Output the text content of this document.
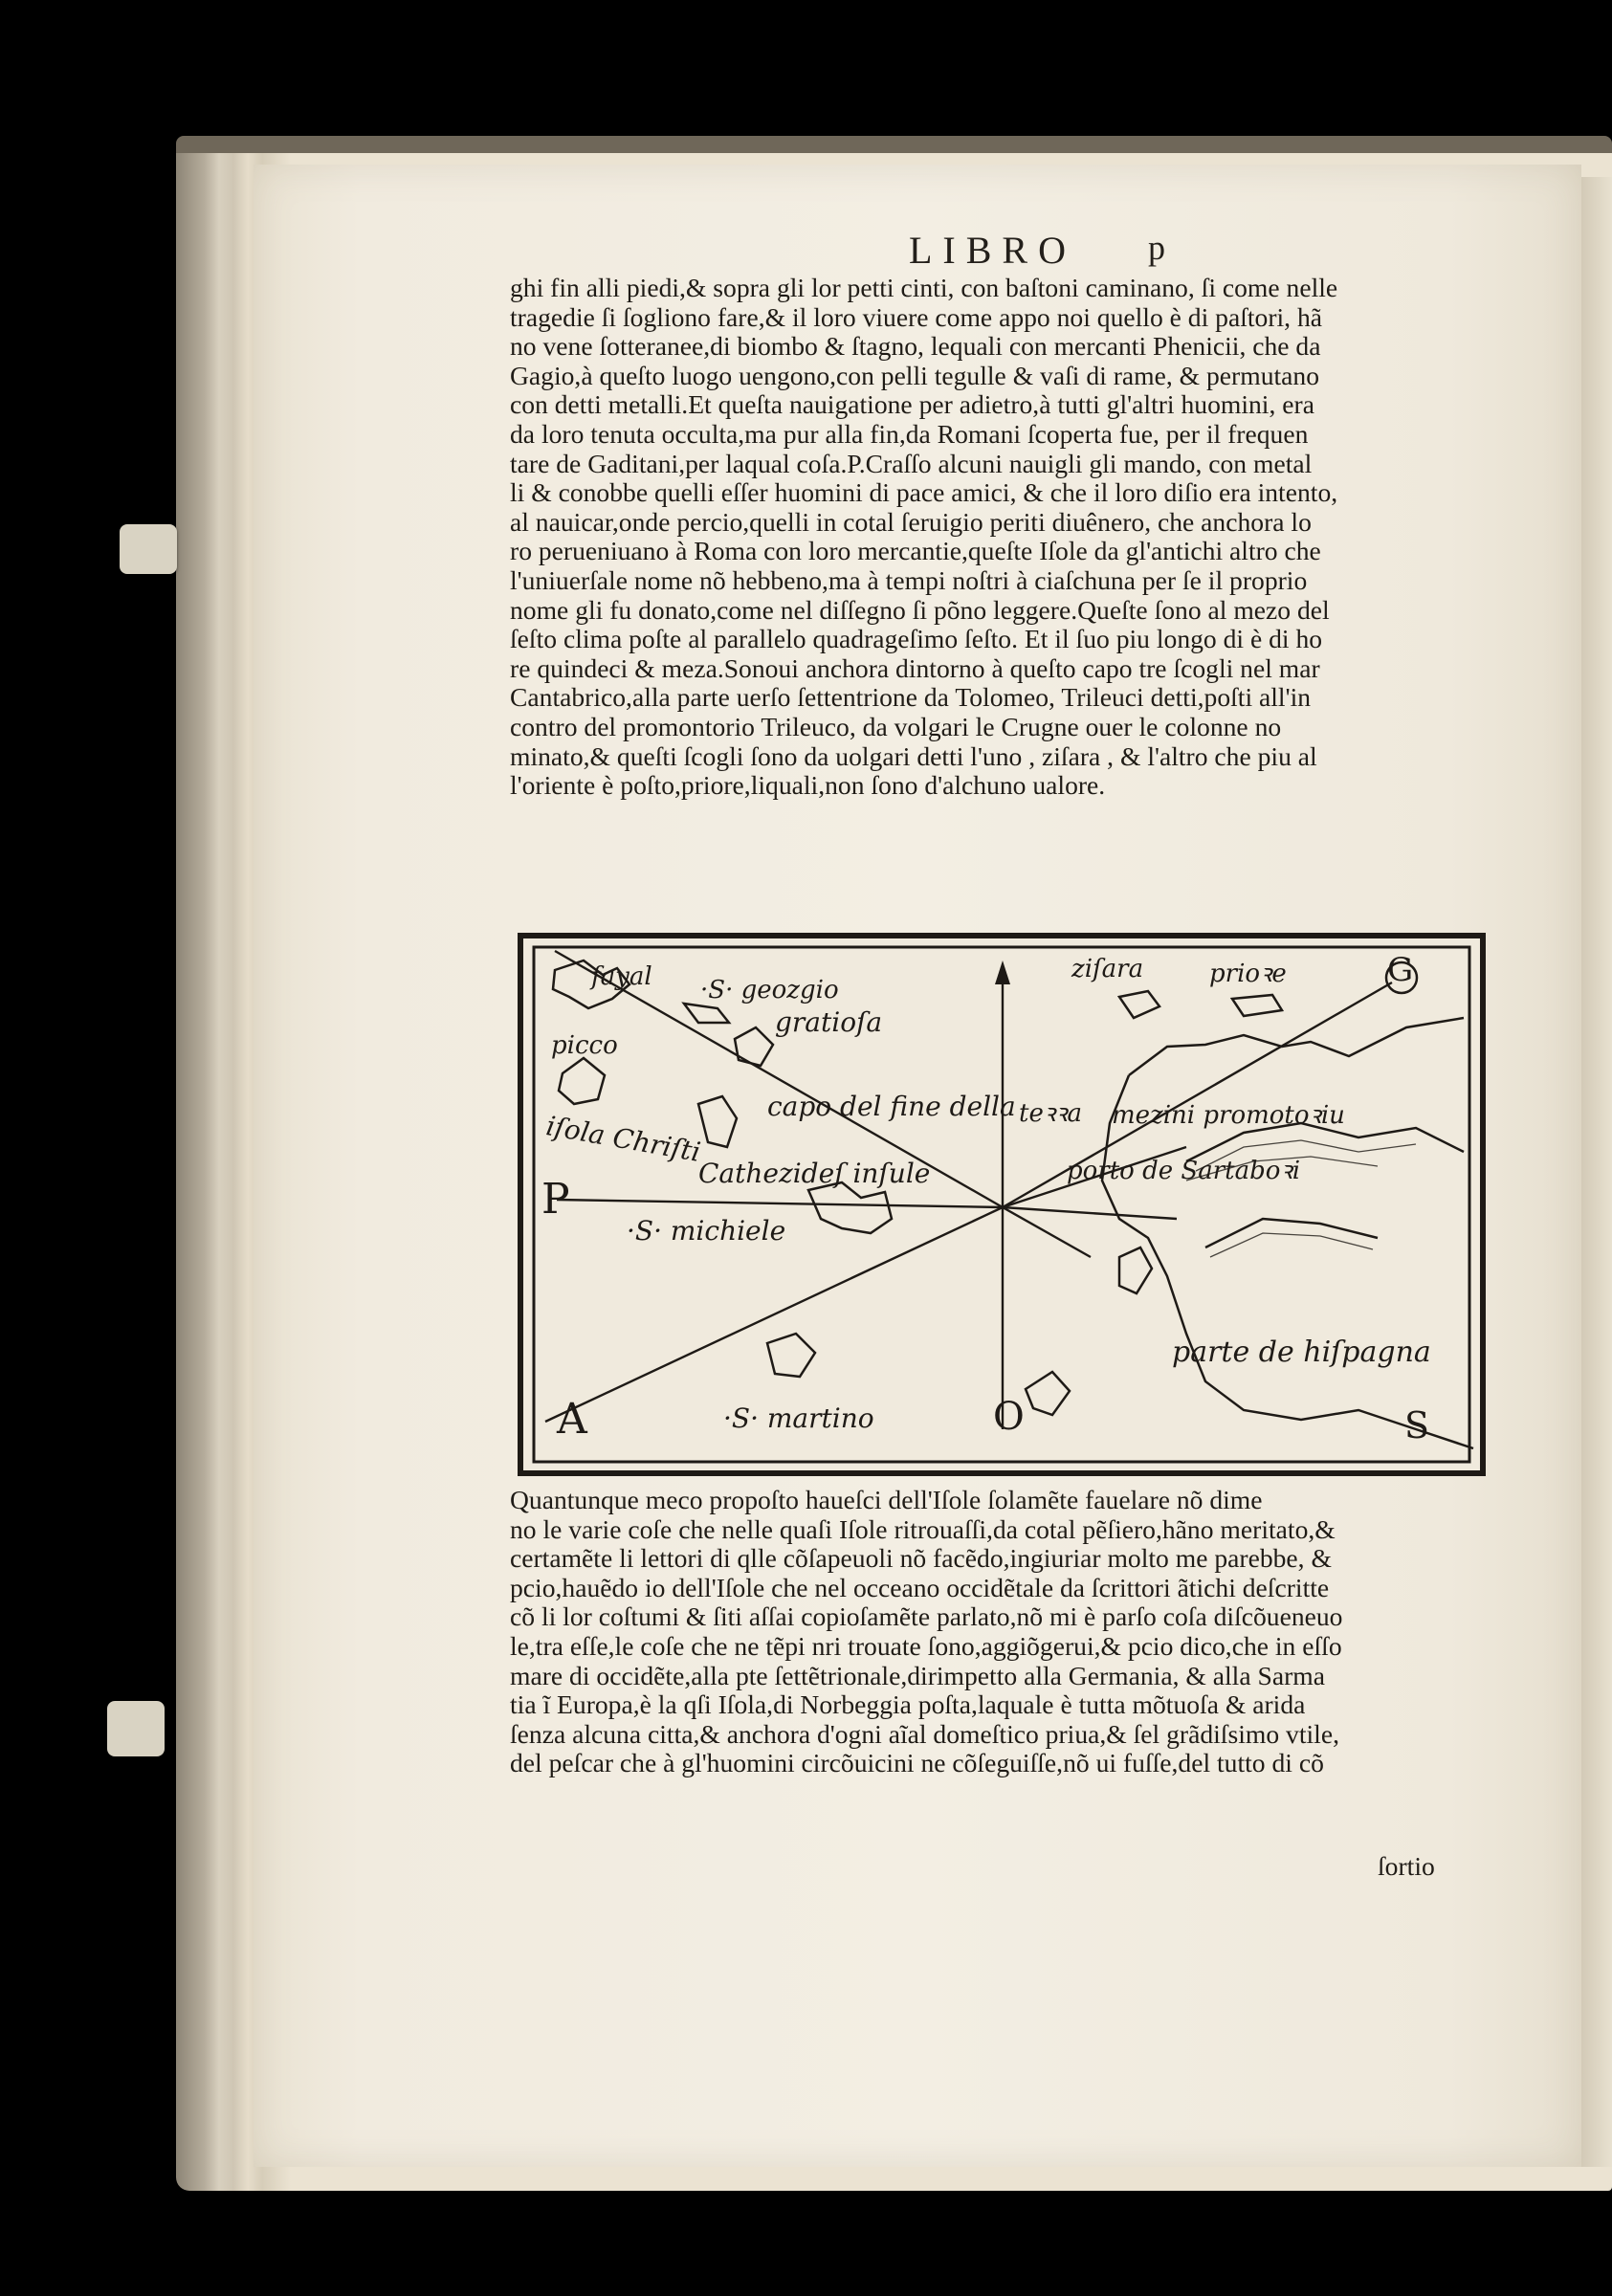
LIBRO	p
ghi fin alli piedi,& sopra gli lor petti cinti, con baſtoni caminano, ſi come nelle
tragedie ſi ſogliono fare,& il loro viuere come appo noi quello è di paſtori, hã
no vene ſotteranee,di biombo & ſtagno, lequali con mercanti Phenicii, che da
Gagio,à queſto luogo uengono,con pelli tegulle & vaſi di rame, & permutano
con detti metalli.Et queſta nauigatione per adietro,à tutti gl'altri huomini, era
da loro tenuta occulta,ma pur alla fin,da Romani ſcoperta fue, per il frequen
tare de Gaditani,per laqual coſa.P.Craſſo alcuni nauigli gli mando, con metal
li & conobbe quelli eſſer huomini di pace amici, & che il loro diſio era intento,
al nauicar,onde percio,quelli in cotal ſeruigio periti diuênero, che anchora lo
ro perueniuano à Roma con loro mercantie,queſte Iſole da gl'antichi altro che
l'uniuerſale nome nõ hebbeno,ma à tempi noſtri à ciaſchuna per ſe il proprio
nome gli fu donato,come nel diſſegno ſi põno leggere.Queſte ſono al mezo del
ſeſto clima poſte al parallelo quadrageſimo ſeſto. Et il ſuo piu longo di è di ho
re quindeci & meza.Sonoui anchora dintorno à queſto capo tre ſcogli nel mar
Cantabrico,alla parte uerſo ſettentrione da Tolomeo, Trileuci detti,poſti all'in
contro del promontorio Trileuco, da volgari le Crugne ouer le colonne no
minato,& queſti ſcogli ſono da uolgari detti l'uno , ziſara , & l'altro che piu al
l'oriente è poſto,priore,liquali,non ſono d'alchuno ualore.
fayal ·S· geozgio
gratioſa
picco
capo del fine della teꝛꝛa
iſola Chriſti
Cathezideſ inſule
·S· michiele
·S· martino
ziſara	prioꝛe
mezini promotoꝛiu
porto de Sartaboꝛi
parte de hiſpagna
P
A	O	S
G
Quantunque meco propoſto haueſci dell'Iſole ſolamẽte fauelare nõ dime
no le varie coſe che nelle quaſi Iſole ritrouaſſi,da cotal pẽſiero,hãno meritato,&
certamẽte li lettori di qlle cõſapeuoli nõ facẽdo,ingiuriar molto me parebbe, &
pcio,hauẽdo io dell'Iſole che nel occeano occidẽtale da ſcrittori ãtichi deſcritte
cõ li lor coſtumi & ſiti aſſai copioſamẽte parlato,nõ mi è parſo coſa diſcõueneuo
le,tra eſſe,le coſe che ne tẽpi nri trouate ſono,aggiõgerui,& pcio dico,che in eſſo
mare di occidẽte,alla pte ſettẽtrionale,dirimpetto alla Germania, & alla Sarma
tia ĩ Europa,è la qſi Iſola,di Norbeggia poſta,laquale è tutta mõtuoſa & arida
ſenza alcuna citta,& anchora d'ogni aĩal domeſtico priua,& ſel grãdiſsimo vtile,
del peſcar che à gl'huomini circõuicini ne cõſeguiſſe,nõ ui fuſſe,del tutto di cõ
ſortio
